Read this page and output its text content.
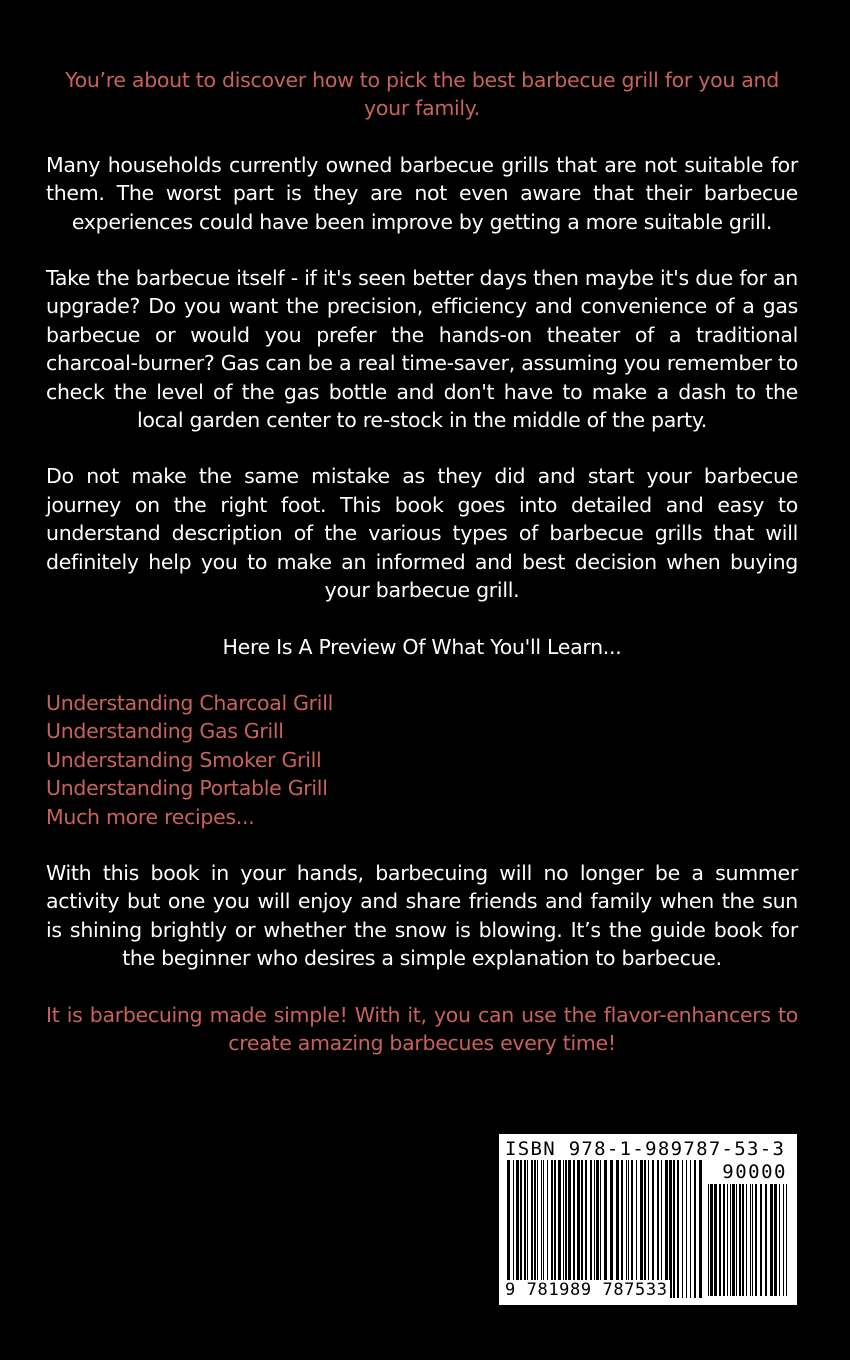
You’re about to discover how to pick the best barbecue grill for you and your family.

Many households currently owned barbecue grills that are not suitable for them. The worst part is they are not even aware that their barbecue experiences could have been improve by getting a more suitable grill.

Take the barbecue itself - if it's seen better days then maybe it's due for an upgrade? Do you want the precision, efficiency and convenience of a gas barbecue or would you prefer the hands-on theater of a traditional charcoal-burner? Gas can be a real time-saver, assuming you remember to check the level of the gas bottle and don't have to make a dash to the local garden center to re-stock in the middle of the party.

Do not make the same mistake as they did and start your barbecue journey on the right foot. This book goes into detailed and easy to understand description of the various types of barbecue grills that will definitely help you to make an informed and best decision when buying your barbecue grill.

Here Is A Preview Of What You'll Learn...

Understanding Charcoal Grill
Understanding Gas Grill
Understanding Smoker Grill
Understanding Portable Grill
Much more recipes...

With this book in your hands, barbecuing will no longer be a summer activity but one you will enjoy and share friends and family when the sun is shining brightly or whether the snow is blowing. It’s the guide book for the beginner who desires a simple explanation to barbecue.

It is barbecuing made simple! With it, you can use the flavor-enhancers to create amazing barbecues every time!

ISBN 978-1-989787-53-3
90000
9 781989 787533
